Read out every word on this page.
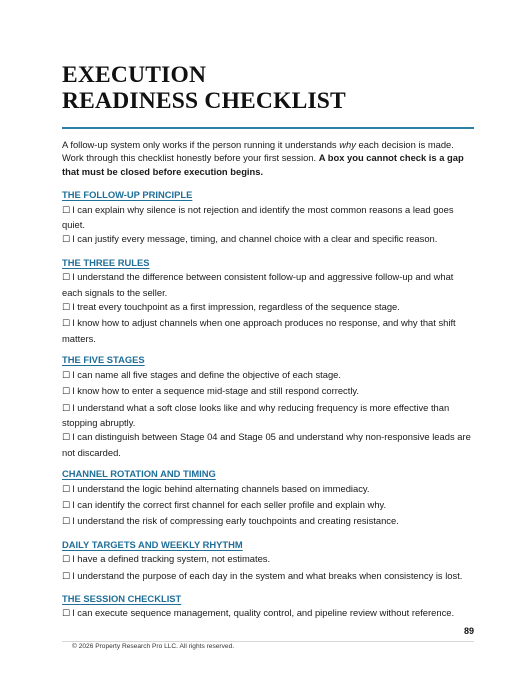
EXECUTION
READINESS CHECKLIST

A follow-up system only works if the person running it understands why each decision is made. Work through this checklist honestly before your first session. A box you cannot check is a gap that must be closed before execution begins.

THE FOLLOW-UP PRINCIPLE
☐ I can explain why silence is not rejection and identify the most common reasons a lead goes quiet.
☐ I can justify every message, timing, and channel choice with a clear and specific reason.
THE THREE RULES
☐ I understand the difference between consistent follow-up and aggressive follow-up and what each signals to the seller.
☐ I treat every touchpoint as a first impression, regardless of the sequence stage.
☐ I know how to adjust channels when one approach produces no response, and why that shift matters.
THE FIVE STAGES
☐ I can name all five stages and define the objective of each stage.
☐ I know how to enter a sequence mid-stage and still respond correctly.
☐ I understand what a soft close looks like and why reducing frequency is more effective than stopping abruptly.
☐ I can distinguish between Stage 04 and Stage 05 and understand why non-responsive leads are not discarded.
CHANNEL ROTATION AND TIMING
☐ I understand the logic behind alternating channels based on immediacy.
☐ I can identify the correct first channel for each seller profile and explain why.
☐ I understand the risk of compressing early touchpoints and creating resistance.
DAILY TARGETS AND WEEKLY RHYTHM
☐ I have a defined tracking system, not estimates.
☐ I understand the purpose of each day in the system and what breaks when consistency is lost.
THE SESSION CHECKLIST
☐ I can execute sequence management, quality control, and pipeline review without reference.
89
© 2026 Property Research Pro LLC. All rights reserved.
